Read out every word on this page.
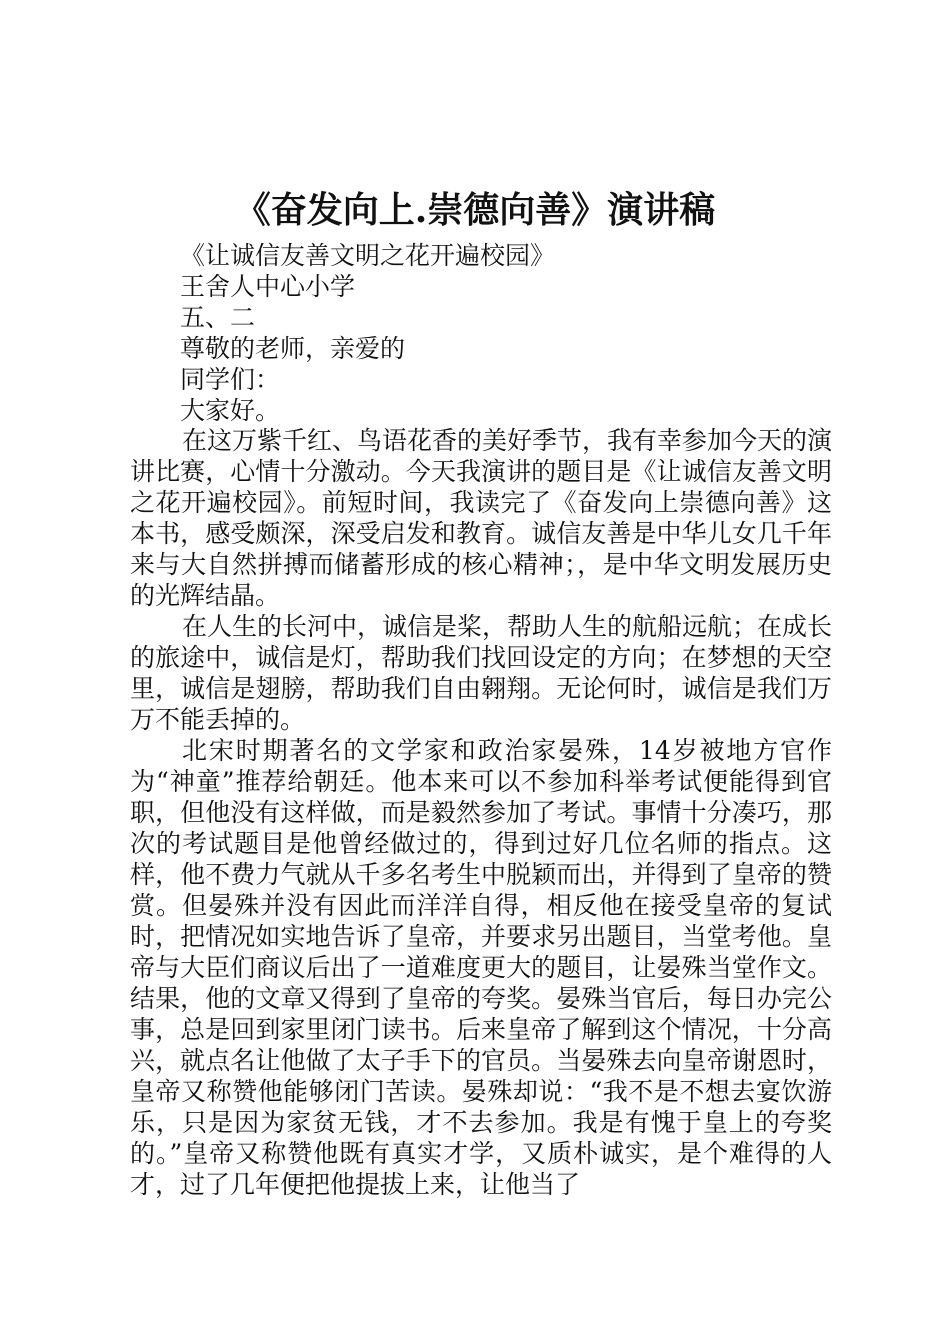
《奋发向上.崇德向善》演讲稿
《让诚信友善文明之花开遍校园》
王舍人中心小学
五、二
尊敬的老师，亲爱的
同学们：
大家好。

在这万紫千红、鸟语花香的美好季节，我有幸参加今天的演讲比赛，心情十分激动。今天我演讲的题目是《让诚信友善文明之花开遍校园》。前短时间，我读完了《奋发向上崇德向善》这本书，感受颇深，深受启发和教育。诚信友善是中华儿女几千年来与大自然拼搏而储蓄形成的核心精神；，是中华文明发展历史的光辉结晶。

在人生的长河中，诚信是桨，帮助人生的航船远航；在成长的旅途中，诚信是灯，帮助我们找回设定的方向；在梦想的天空里，诚信是翅膀，帮助我们自由翱翔。无论何时，诚信是我们万万不能丢掉的。

北宋时期著名的文学家和政治家晏殊，14岁被地方官作为“神童”推荐给朝廷。他本来可以不参加科举考试便能得到官职，但他没有这样做，而是毅然参加了考试。事情十分凑巧，那次的考试题目是他曾经做过的，得到过好几位名师的指点。这样，他不费力气就从千多名考生中脱颖而出，并得到了皇帝的赞赏。但晏殊并没有因此而洋洋自得，相反他在接受皇帝的复试时，把情况如实地告诉了皇帝，并要求另出题目，当堂考他。皇帝与大臣们商议后出了一道难度更大的题目，让晏殊当堂作文。结果，他的文章又得到了皇帝的夸奖。晏殊当官后，每日办完公事，总是回到家里闭门读书。后来皇帝了解到这个情况，十分高兴，就点名让他做了太子手下的官员。当晏殊去向皇帝谢恩时，皇帝又称赞他能够闭门苦读。晏殊却说：“我不是不想去宴饮游乐，只是因为家贫无钱，才不去参加。我是有愧于皇上的夸奖的。”皇帝又称赞他既有真实才学，又质朴诚实，是个难得的人才，过了几年便把他提拔上来，让他当了
